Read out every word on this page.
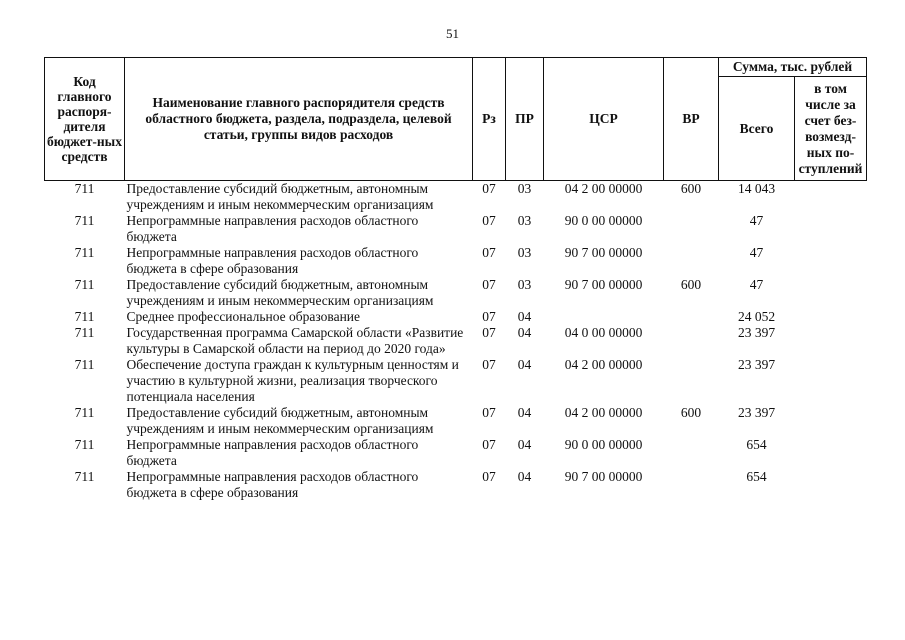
51
Код главного распоря-дителя бюджет-ных средств	Наименование главного распорядителя средств областного бюджета, раздела, подраздела, целевой статьи, группы видов расходов	Рз	ПР	ЦСР	ВР	Сумма, тыс. рублей	
						Всего	в том числе за счет без-возмезд-ных по-ступлений
711	Предоставление субсидий бюджетным, автономным учреждениям и иным некоммерческим организациям	07	03	04 2 00 00000	600	14 043	
711	Непрограммные направления расходов областного бюджета	07	03	90 0 00 00000		47	
711	Непрограммные направления расходов областного бюджета в сфере образования	07	03	90 7 00 00000		47	
711	Предоставление субсидий бюджетным, автономным учреждениям и иным некоммерческим организациям	07	03	90 7 00 00000	600	47	
711	Среднее профессиональное образование	07	04			24 052	
711	Государственная программа Самарской области «Развитие культуры в Самарской области на период до 2020 года»	07	04	04 0 00 00000		23 397	
711	Обеспечение доступа граждан к культурным ценностям и участию в культурной жизни, реализация творческого потенциала населения	07	04	04 2 00 00000		23 397	
711	Предоставление субсидий бюджетным, автономным учреждениям и иным некоммерческим организациям	07	04	04 2 00 00000	600	23 397	
711	Непрограммные направления расходов областного бюджета	07	04	90 0 00 00000		654	
711	Непрограммные направления расходов областного бюджета в сфере образования	07	04	90 7 00 00000		654	
